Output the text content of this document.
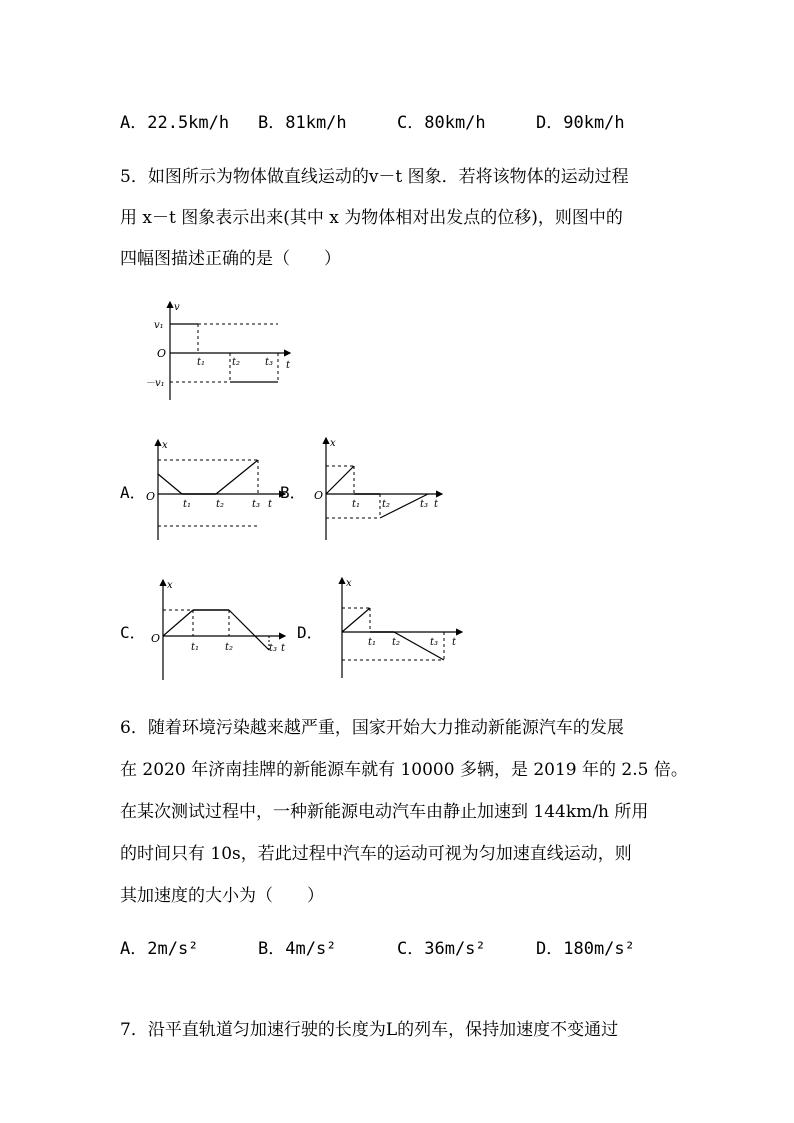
A．22.5km/h B．81km/h	C．80km/h	D．90km/h
5．如图所示为物体做直线运动的v－t 图象．若将该物体的运动过程
用 x－t 图象表示出来(其中 x 为物体相对出发点的位移)，则图中的
四幅图描述正确的是（　　）
v
t
O
v₁
－v₁
t₁	t₂ t₃
A．
x
O
t₁ t₂	t₃ t
B．
x
O
t₁ t₂	t₃ t
C．
x
O
t₁	t₂	t₃ t
D．
x
t₁ t₂	t₃ t
6．随着环境污染越来越严重，国家开始大力推动新能源汽车的发展
在 2020 年济南挂牌的新能源车就有 10000 多辆，是 2019 年的 2.5 倍。
在某次测试过程中，一种新能源电动汽车由静止加速到 144km/h 所用
的时间只有 10s，若此过程中汽车的运动可视为匀加速直线运动，则
其加速度的大小为（　　）
A．2m/s²	B．4m/s²	C．36m/s²	D．180m/s²
7．沿平直轨道匀加速行驶的长度为L的列车，保持加速度不变通过
